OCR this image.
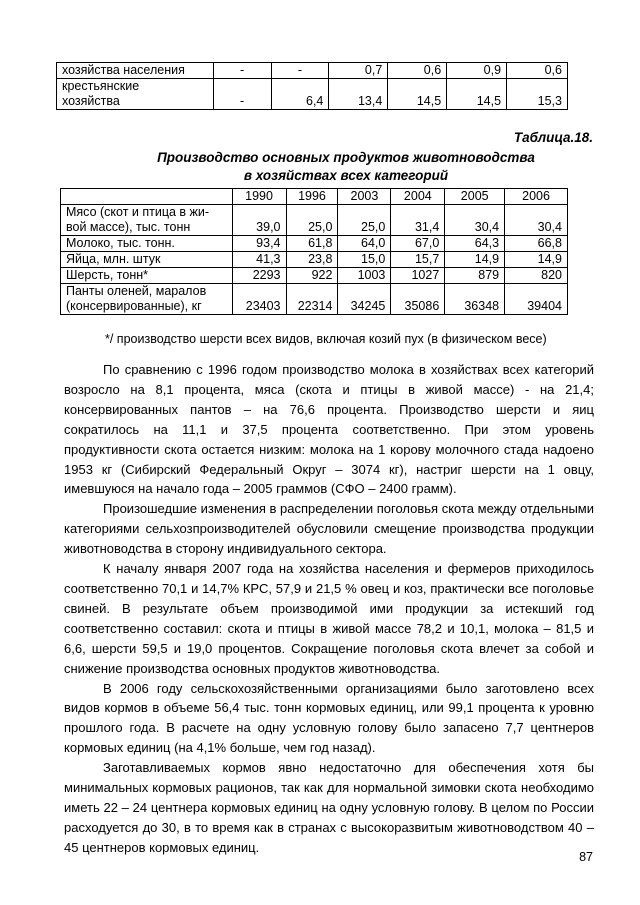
хозяйства населения	-	-	0,7	0,6	0,9	0,6

крестьянские
хозяйства	-	6,4	13,4	14,5	14,5	15,3
Таблица.18.
Производство основных продуктов животноводства
в хозяйствах всех категорий
	1990	1996	2003	2004	2005	2006

Мясо (скот и птица в жи-
вой массе), тыс. тонн	39,0	25,0	25,0	31,4	30,4	30,4
Молоко, тыс. тонн.	93,4	61,8	64,0	67,0	64,3	66,8
Яйца, млн. штук	41,3	23,8	15,0	15,7	14,9	14,9
Шерсть, тонн*	2293	922	1003	1027	879	820

Панты оленей, маралов
(консервированные), кг	23403	22314	34245	35086	36348	39404
*/ производство шерсти всех видов, включая козий пух (в физическом весе)

По сравнению с 1996 годом производство молока в хозяйствах всех категорий возросло на 8,1 процента, мяса (скота и птицы в живой массе) - на 21,4; консервированных пантов – на 76,6 процента. Производство шерсти и яиц сократилось на 11,1 и 37,5 процента соответственно. При этом уровень продуктивности скота остается низким: молока на 1 корову молочного стада надоено 1953 кг (Сибирский Федеральный Округ – 3074 кг), настриг шерсти на 1 овцу, имевшуюся на начало года – 2005 граммов (СФО – 2400 грамм).

Произошедшие изменения в распределении поголовья скота между отдельными категориями сельхозпроизводителей обусловили смещение производства продукции животноводства в сторону индивидуального сектора.

К началу января 2007 года на хозяйства населения и фермеров приходилось соответственно 70,1 и 14,7% КРС, 57,9 и 21,5 % овец и коз, практически все поголовье свиней. В результате объем производимой ими продукции за истекший год соответственно составил: скота и птицы в живой массе 78,2 и 10,1, молока – 81,5 и 6,6, шерсти 59,5 и 19,0 процентов. Сокращение поголовья скота влечет за собой и снижение производства основных продуктов животноводства.

В 2006 году сельскохозяйственными организациями было заготовлено всех видов кормов в объеме 56,4 тыс. тонн кормовых единиц, или 99,1 процента к уровню прошлого года. В расчете на одну условную голову было запасено 7,7 центнеров кормовых единиц (на 4,1% больше, чем год назад).

Заготавливаемых кормов явно недостаточно для обеспечения хотя бы минимальных кормовых рационов, так как для нормальной зимовки скота необходимо иметь 22 – 24 центнера кормовых единиц на одну условную голову. В целом по России расходуется до 30, в то время как в странах с высокоразвитым животноводством 40 – 45 центнеров кормовых единиц.

87
